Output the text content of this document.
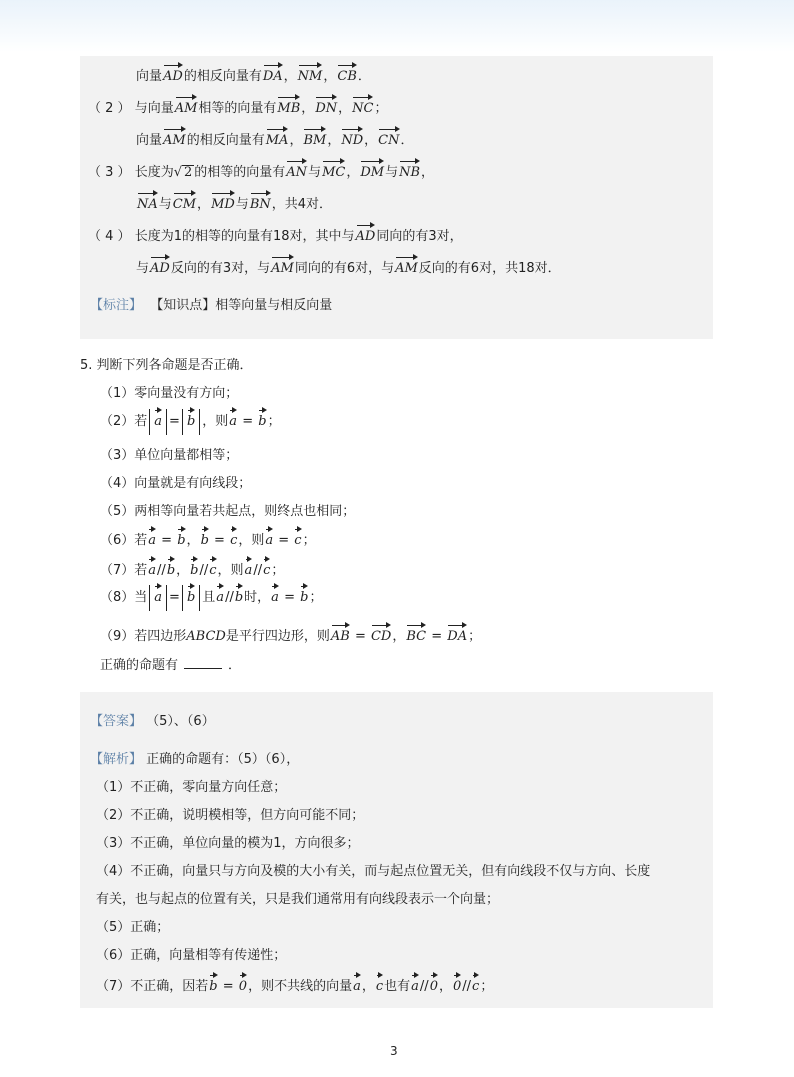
向量AD的相反向量有DA，NM，CB．
（ 2 ） 与向量AM相等的向量有MB，DN，NC；
向量AM的相反向量有MA，BM，ND，CN．
（ 3 ） 长度为√ 2 的相等的向量有AN与MC，DM与NB，
NA与CM，MD与BN，共4对．
（ 4 ） 长度为1的相等的向量有18对，其中与AD同向的有3对，
与AD反向的有3对，与AM同向的有6对，与AM反向的有6对，共18对．
【标注】 【知识点】相等向量与相反向量
5. 判断下列各命题是否正确．
（1）零向量没有方向；
（2）若 a = b ，则a = b；
（3）单位向量都相等；
（4）向量就是有向线段；
（5）两相等向量若共起点，则终点也相同；
（6）若a = b，b = c，则a = c；
（7）若a//b，b//c，则a//c；
（8）当 a = b 且a//b时，a = b；
（9）若四边形ABCD是平行四边形，则AB = CD，BC = DA；
正确的命题有	．
【答案】 （5）、（6）
【解析】 正确的命题有：（5）（6），
（1）不正确，零向量方向任意；
（2）不正确，说明模相等，但方向可能不同；
（3）不正确，单位向量的模为1，方向很多；
（4）不正确，向量只与方向及模的大小有关，而与起点位置无关，但有向线段不仅与方向、长度
有关，也与起点的位置有关，只是我们通常用有向线段表示一个向量；
（5）正确；
（6）正确，向量相等有传递性；
（7）不正确，因若b = 0，则不共线的向量a，c也有a//0，0//c；
3
